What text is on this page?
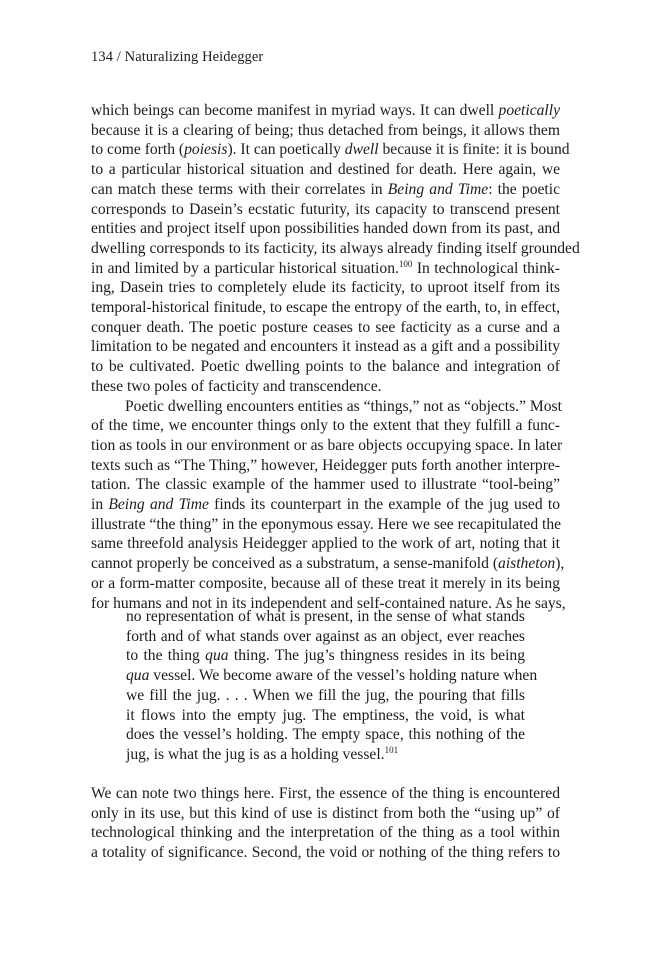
134 / Naturalizing Heidegger
which beings can become manifest in myriad ways. It can dwell poetically
because it is a clearing of being; thus detached from beings, it allows them
to come forth (poiesis). It can poetically dwell because it is finite: it is bound
to a particular historical situation and destined for death. Here again, we
can match these terms with their correlates in Being and Time: the poetic
corresponds to Dasein’s ecstatic futurity, its capacity to transcend present
entities and project itself upon possibilities handed down from its past, and
dwelling corresponds to its facticity, its always already finding itself grounded
in and limited by a particular historical situation.$^{100}$ In technological think-
ing, Dasein tries to completely elude its facticity, to uproot itself from its
temporal-historical finitude, to escape the entropy of the earth, to, in effect,
conquer death. The poetic posture ceases to see facticity as a curse and a
limitation to be negated and encounters it instead as a gift and a possibility
to be cultivated. Poetic dwelling points to the balance and integration of
these two poles of facticity and transcendence.
Poetic dwelling encounters entities as “things,” not as “objects.” Most
of the time, we encounter things only to the extent that they fulfill a func-
tion as tools in our environment or as bare objects occupying space. In later
texts such as “The Thing,” however, Heidegger puts forth another interpre-
tation. The classic example of the hammer used to illustrate “tool-being”
in Being and Time finds its counterpart in the example of the jug used to
illustrate “the thing” in the eponymous essay. Here we see recapitulated the
same threefold analysis Heidegger applied to the work of art, noting that it
cannot properly be conceived as a substratum, a sense-manifold (aistheton),
or a form-matter composite, because all of these treat it merely in its being
for humans and not in its independent and self-contained nature. As he says,
no representation of what is present, in the sense of what stands
forth and of what stands over against as an object, ever reaches
to the thing qua thing. The jug’s thingness resides in its being
qua vessel. We become aware of the vessel’s holding nature when
we fill the jug. . . . When we fill the jug, the pouring that fills
it flows into the empty jug. The emptiness, the void, is what
does the vessel’s holding. The empty space, this nothing of the
jug, is what the jug is as a holding vessel.$^{101}$
We can note two things here. First, the essence of the thing is encountered
only in its use, but this kind of use is distinct from both the “using up” of
technological thinking and the interpretation of the thing as a tool within
a totality of significance. Second, the void or nothing of the thing refers to
